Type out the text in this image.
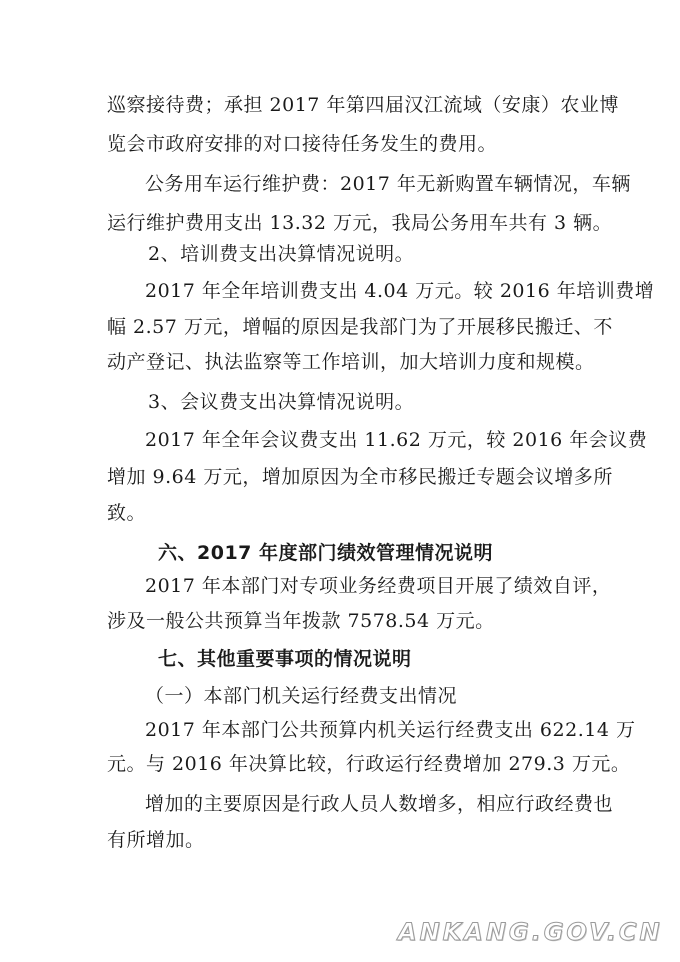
巡察接待费；承担 2017 年第四届汉江流域（安康）农业博
览会市政府安排的对口接待任务发生的费用。
公务用车运行维护费：2017 年无新购置车辆情况，车辆
运行维护费用支出 13.32 万元，我局公务用车共有 3 辆。
2、培训费支出决算情况说明。
2017 年全年培训费支出 4.04 万元。较 2016 年培训费增
幅 2.57 万元，增幅的原因是我部门为了开展移民搬迁、不
动产登记、执法监察等工作培训，加大培训力度和规模。
3、会议费支出决算情况说明。
2017 年全年会议费支出 11.62 万元，较 2016 年会议费
增加 9.64 万元，增加原因为全市移民搬迁专题会议增多所
致。
六、2017 年度部门绩效管理情况说明
2017 年本部门对专项业务经费项目开展了绩效自评，
涉及一般公共预算当年拨款 7578.54 万元。
七、其他重要事项的情况说明
（一）本部门机关运行经费支出情况
2017 年本部门公共预算内机关运行经费支出 622.14 万
元。与 2016 年决算比较，行政运行经费增加 279.3 万元。
增加的主要原因是行政人员人数增多，相应行政经费也
有所增加。
ANKANG.GOV.CN
